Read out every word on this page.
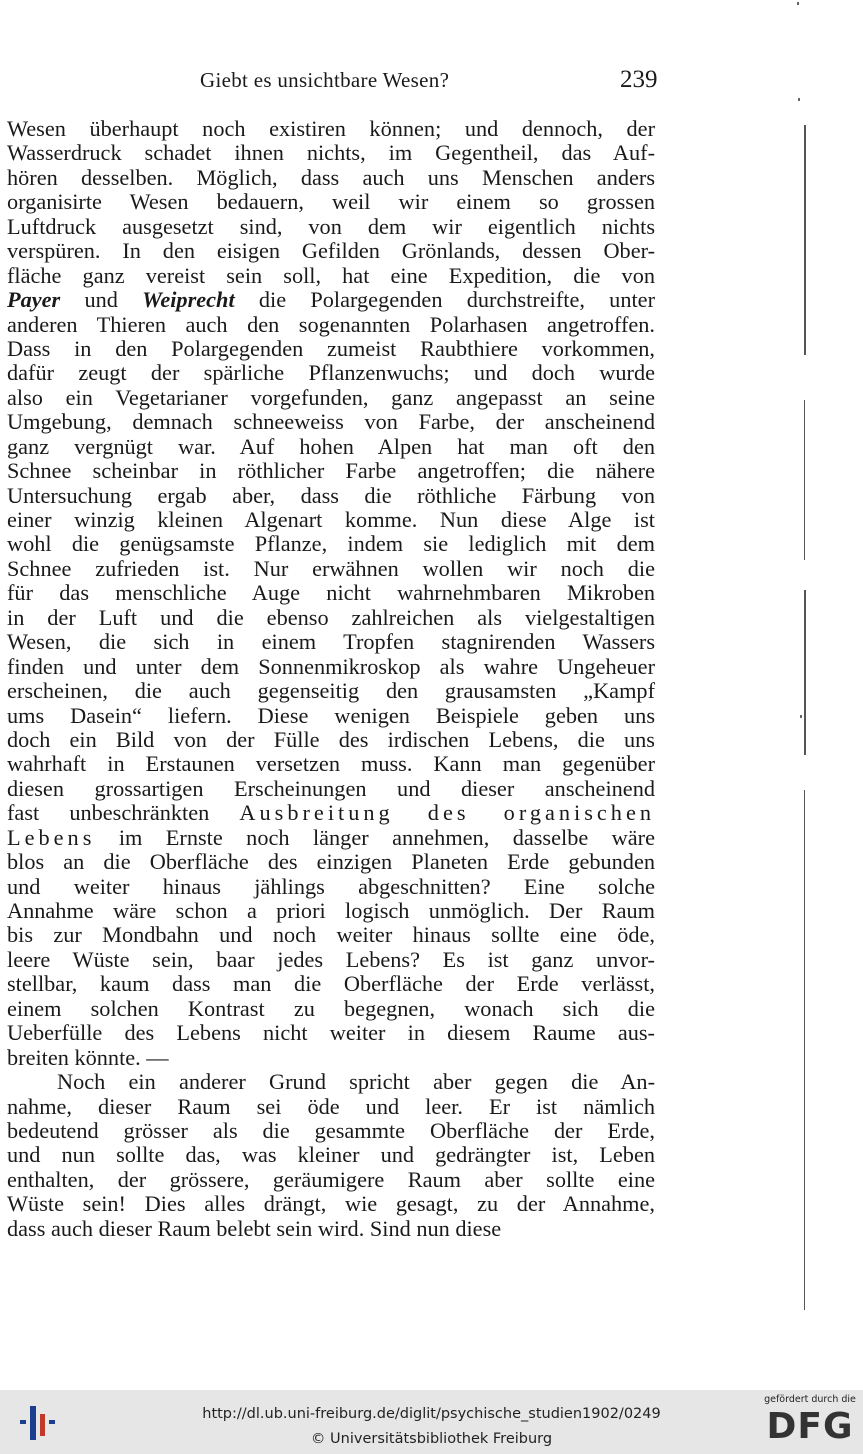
Giebt es unsichtbare Wesen?	239
Wesen überhaupt noch existiren können; und dennoch, der
Wasserdruck schadet ihnen nichts, im Gegentheil, das Auf-
hören desselben. Möglich, dass auch uns Menschen anders
organisirte Wesen bedauern, weil wir einem so grossen
Luftdruck ausgesetzt sind, von dem wir eigentlich nichts
verspüren. In den eisigen Gefilden Grönlands, dessen Ober-
fläche ganz vereist sein soll, hat eine Expedition, die von
Payer und Weiprecht die Polargegenden durchstreifte, unter
anderen Thieren auch den sogenannten Polarhasen angetroffen.
Dass in den Polargegenden zumeist Raubthiere vorkommen,
dafür zeugt der spärliche Pflanzenwuchs; und doch wurde
also ein Vegetarianer vorgefunden, ganz angepasst an seine
Umgebung, demnach schneeweiss von Farbe, der anscheinend
ganz vergnügt war. Auf hohen Alpen hat man oft den
Schnee scheinbar in röthlicher Farbe angetroffen; die nähere
Untersuchung ergab aber, dass die röthliche Färbung von
einer winzig kleinen Algenart komme. Nun diese Alge ist
wohl die genügsamste Pflanze, indem sie lediglich mit dem
Schnee zufrieden ist. Nur erwähnen wollen wir noch die
für das menschliche Auge nicht wahrnehmbaren Mikroben
in der Luft und die ebenso zahlreichen als vielgestaltigen
Wesen, die sich in einem Tropfen stagnirenden Wassers
finden und unter dem Sonnenmikroskop als wahre Ungeheuer
erscheinen, die auch gegenseitig den grausamsten „Kampf
ums Dasein“ liefern. Diese wenigen Beispiele geben uns
doch ein Bild von der Fülle des irdischen Lebens, die uns
wahrhaft in Erstaunen versetzen muss. Kann man gegenüber
diesen grossartigen Erscheinungen und dieser anscheinend
fast unbeschränkten Ausbreitung des organischen
Lebens im Ernste noch länger annehmen, dasselbe wäre
blos an die Oberfläche des einzigen Planeten Erde gebunden
und weiter hinaus jählings abgeschnitten? Eine solche
Annahme wäre schon a priori logisch unmöglich. Der Raum
bis zur Mondbahn und noch weiter hinaus sollte eine öde,
leere Wüste sein, baar jedes Lebens? Es ist ganz unvor-
stellbar, kaum dass man die Oberfläche der Erde verlässt,
einem solchen Kontrast zu begegnen, wonach sich die
Ueberfülle des Lebens nicht weiter in diesem Raume aus-
breiten könnte. —
Noch ein anderer Grund spricht aber gegen die An-
nahme, dieser Raum sei öde und leer. Er ist nämlich
bedeutend grösser als die gesammte Oberfläche der Erde,
und nun sollte das, was kleiner und gedrängter ist, Leben
enthalten, der grössere, geräumigere Raum aber sollte eine
Wüste sein! Dies alles drängt, wie gesagt, zu der Annahme,
dass auch dieser Raum belebt sein wird. Sind nun diese
http://dl.ub.uni-freiburg.de/diglit/psychische_studien1902/0249
© Universitätsbibliothek Freiburg
gefördert durch die
DFG
